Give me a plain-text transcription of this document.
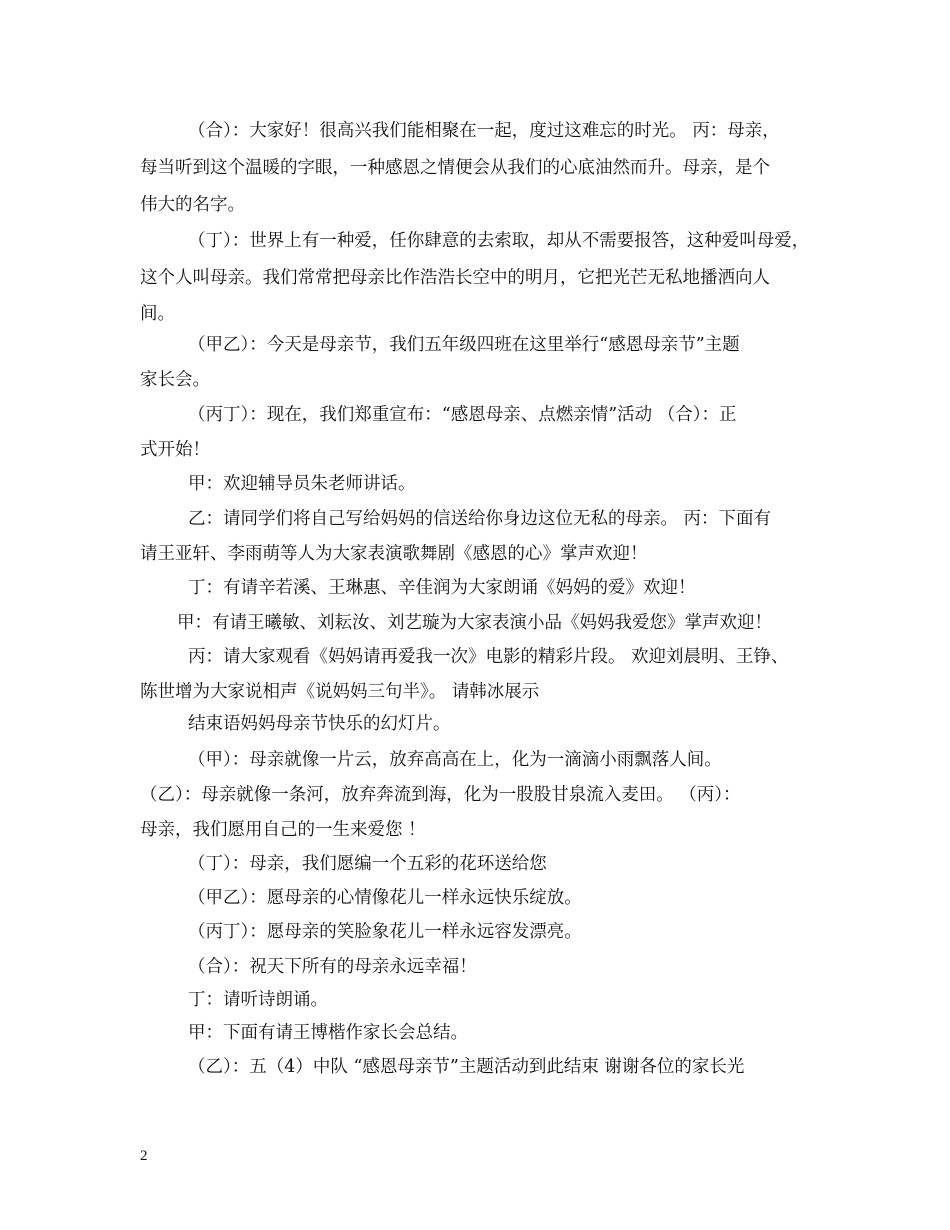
（合）：大家好！很高兴我们能相聚在一起，度过这难忘的时光。 丙：母亲，
每当听到这个温暖的字眼，一种感恩之情便会从我们的心底油然而升。母亲，是个
伟大的名字。
（丁）：世界上有一种爱，任你肆意的去索取，却从不需要报答，这种爱叫母爱，
这个人叫母亲。我们常常把母亲比作浩浩长空中的明月，它把光芒无私地播洒向人
间。
（甲乙）：今天是母亲节，我们五年级四班在这里举行“感恩母亲节”主题
家长会。
（丙丁）：现在，我们郑重宣布：“感恩母亲、点燃亲情”活动 （合）：正
式开始！
甲：欢迎辅导员朱老师讲话。
乙：请同学们将自己写给妈妈的信送给你身边这位无私的母亲。 丙：下面有
请王亚轩、李雨萌等人为大家表演歌舞剧《感恩的心》掌声欢迎！
丁：有请辛若溪、王琳惠、辛佳润为大家朗诵《妈妈的爱》欢迎！
甲：有请王曦敏、刘耘汝、刘艺璇为大家表演小品《妈妈我爱您》掌声欢迎！
丙：请大家观看《妈妈请再爱我一次》电影的精彩片段。 欢迎刘晨明、王铮、
陈世增为大家说相声《说妈妈三句半》。 请韩冰展示
结束语妈妈母亲节快乐的幻灯片。
（甲）：母亲就像一片云，放弃高高在上，化为一滴滴小雨飘落人间。
（乙）：母亲就像一条河，放弃奔流到海，化为一股股甘泉流入麦田。 （丙）：
母亲，我们愿用自己的一生来爱您 ！
（丁）：母亲，我们愿编一个五彩的花环送给您
（甲乙）：愿母亲的心情像花儿一样永远快乐绽放。
（丙丁）：愿母亲的笑脸象花儿一样永远容发漂亮。
（合）：祝天下所有的母亲永远幸福！
丁：请听诗朗诵。
甲：下面有请王博楷作家长会总结。
（乙）：五（4）中队 “感恩母亲节”主题活动到此结束 谢谢各位的家长光
2
